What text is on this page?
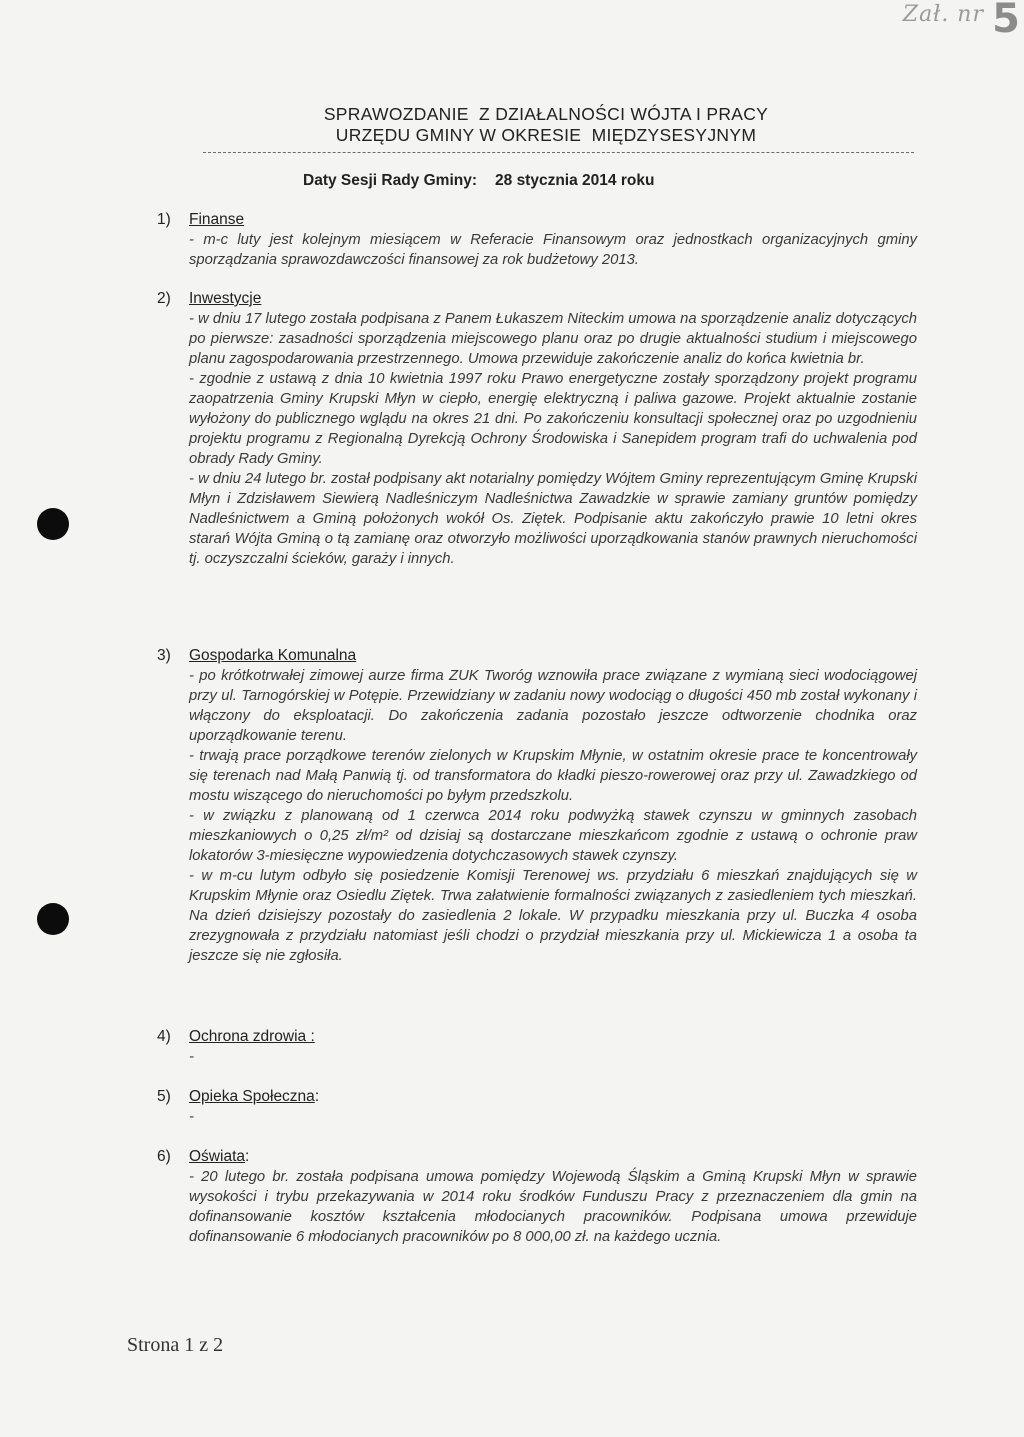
Zał. nr 5
SPRAWOZDANIE  Z DZIAŁALNOŚCI WÓJTA I PRACY
URZĘDU GMINY W OKRESIE  MIĘDZYSESYJNYM
Daty Sesji Rady Gminy: 28 stycznia 2014 roku
1)	Finanse

- m-c luty jest kolejnym miesiącem w Referacie Finansowym oraz jednostkach organizacyjnych gminy sporządzania sprawozdawczości finansowej za rok budżetowy 2013.

2)	Inwestycje

- w dniu 17 lutego została podpisana z Panem Łukaszem Niteckim umowa na sporządzenie analiz dotyczących po pierwsze: zasadności sporządzenia miejscowego planu oraz po drugie aktualności studium i miejscowego planu zagospodarowania przestrzennego. Umowa przewiduje zakończenie analiz do końca kwietnia br.

- zgodnie z ustawą z dnia 10 kwietnia 1997 roku Prawo energetyczne zostały sporządzony projekt programu zaopatrzenia Gminy Krupski Młyn w ciepło, energię elektryczną i paliwa gazowe. Projekt aktualnie zostanie wyłożony do publicznego wglądu na okres 21 dni. Po zakończeniu konsultacji społecznej oraz po uzgodnieniu projektu programu z Regionalną Dyrekcją Ochrony Środowiska i Sanepidem program trafi do uchwalenia pod obrady Rady Gminy.

- w dniu 24 lutego br. został podpisany akt notarialny pomiędzy Wójtem Gminy reprezentującym Gminę Krupski Młyn i Zdzisławem Siewierą Nadleśniczym Nadleśnictwa Zawadzkie w sprawie zamiany gruntów pomiędzy Nadleśnictwem a Gminą położonych wokół Os. Ziętek. Podpisanie aktu zakończyło prawie 10 letni okres starań Wójta Gminą o tą zamianę oraz otworzyło możliwości uporządkowania stanów prawnych nieruchomości tj. oczyszczalni ścieków, garaży i innych.

3)	Gospodarka Komunalna

- po krótkotrwałej zimowej aurze firma ZUK Tworóg wznowiła prace związane z wymianą sieci wodociągowej przy ul. Tarnogórskiej w Potępie. Przewidziany w zadaniu nowy wodociąg o długości 450 mb został wykonany i włączony do eksploatacji. Do zakończenia zadania pozostało jeszcze odtworzenie chodnika oraz uporządkowanie terenu.

- trwają prace porządkowe terenów zielonych w Krupskim Młynie, w ostatnim okresie prace te koncentrowały się terenach nad Małą Panwią tj. od transformatora do kładki pieszo-rowerowej oraz przy ul. Zawadzkiego od mostu wiszącego do nieruchomości po byłym przedszkolu.

- w związku z planowaną od 1 czerwca 2014 roku podwyżką stawek czynszu w gminnych zasobach mieszkaniowych o 0,25 zł/m² od dzisiaj są dostarczane mieszkańcom zgodnie z ustawą o ochronie praw lokatorów 3-miesięczne wypowiedzenia dotychczasowych stawek czynszy.

- w m-cu lutym odbyło się posiedzenie Komisji Terenowej ws. przydziału 6 mieszkań znajdujących się w Krupskim Młynie oraz Osiedlu Ziętek. Trwa załatwienie formalności związanych z zasiedleniem tych mieszkań. Na dzień dzisiejszy pozostały do zasiedlenia 2 lokale. W przypadku mieszkania przy ul. Buczka 4 osoba zrezygnowała z przydziału natomiast jeśli chodzi o przydział mieszkania przy ul. Mickiewicza 1 a osoba ta jeszcze się nie zgłosiła.

4)	Ochrona zdrowia :

-

5)	Opieka Społeczna:

-

6)	Oświata:

- 20 lutego br. została podpisana umowa pomiędzy Wojewodą Śląskim a Gminą Krupski Młyn w sprawie wysokości i trybu przekazywania w 2014 roku środków Funduszu Pracy z przeznaczeniem dla gmin na dofinansowanie kosztów kształcenia młodocianych pracowników. Podpisana umowa przewiduje dofinansowanie 6 młodocianych pracowników po 8 000,00 zł. na każdego ucznia.

Strona 1 z 2
